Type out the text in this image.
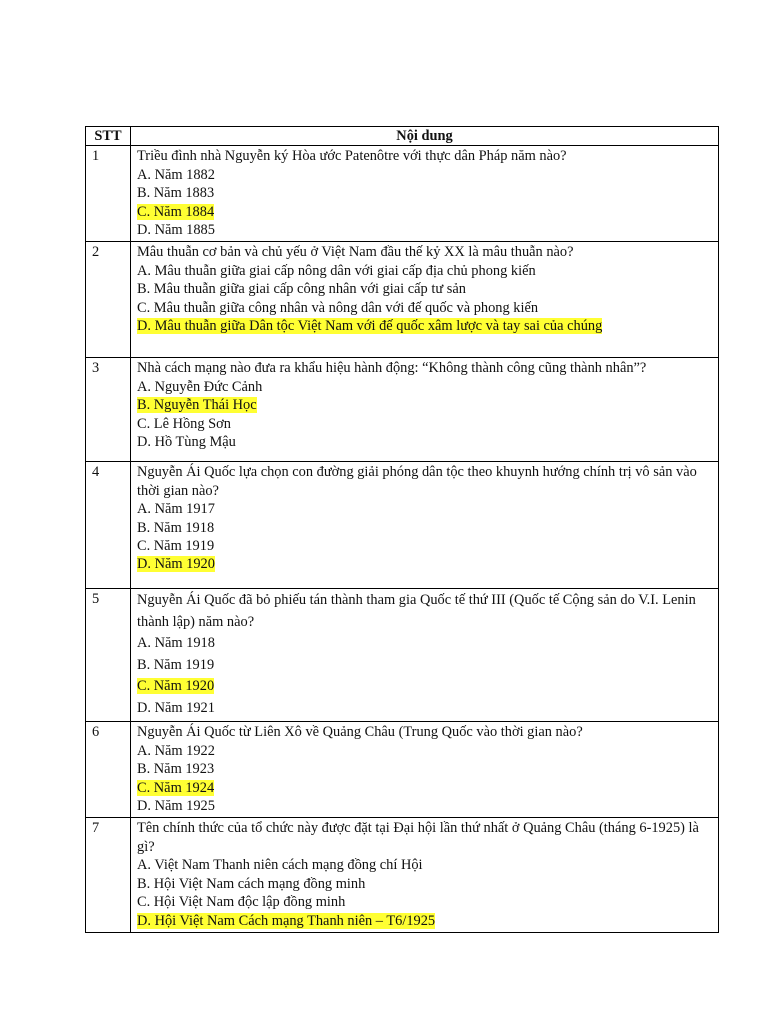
STT	Nội dung
1	Triều đình nhà Nguyễn ký Hòa ước Patenôtre với thực dân Pháp năm nào?
A. Năm 1882
B. Năm 1883
C. Năm 1884
D. Năm 1885

2	Mâu thuẫn cơ bản và chủ yếu ở Việt Nam đầu thế kỷ XX là mâu thuẫn nào?
A. Mâu thuẫn giữa giai cấp nông dân với giai cấp địa chủ phong kiến
B. Mâu thuẫn giữa giai cấp công nhân với giai cấp tư sản
C. Mâu thuẫn giữa công nhân và nông dân với đế quốc và phong kiến
D. Mâu thuẫn giữa Dân tộc Việt Nam với đế quốc xâm lược và tay sai của chúng

3	Nhà cách mạng nào đưa ra khẩu hiệu hành động: “Không thành công cũng thành nhân”?
A. Nguyễn Đức Cảnh
B. Nguyễn Thái Học
C. Lê Hồng Sơn
D. Hồ Tùng Mậu

4	Nguyễn Ái Quốc lựa chọn con đường giải phóng dân tộc theo khuynh hướng chính trị vô sản vào thời gian nào?
A. Năm 1917
B. Năm 1918
C. Năm 1919
D. Năm 1920

5	Nguyễn Ái Quốc đã bỏ phiếu tán thành tham gia Quốc tế thứ III (Quốc tế Cộng sản do V.I. Lenin thành lập) năm nào?
A. Năm 1918
B. Năm 1919
C. Năm 1920
D. Năm 1921

6	Nguyễn Ái Quốc từ Liên Xô về Quảng Châu (Trung Quốc vào thời gian nào?
A. Năm 1922
B. Năm 1923
C. Năm 1924
D. Năm 1925

7	Tên chính thức của tổ chức này được đặt tại Đại hội lần thứ nhất ở Quảng Châu (tháng 6-1925) là gì?
A. Việt Nam Thanh niên cách mạng đồng chí Hội
B. Hội Việt Nam cách mạng đồng minh
C. Hội Việt Nam độc lập đồng minh
D. Hội Việt Nam Cách mạng Thanh niên – T6/1925
